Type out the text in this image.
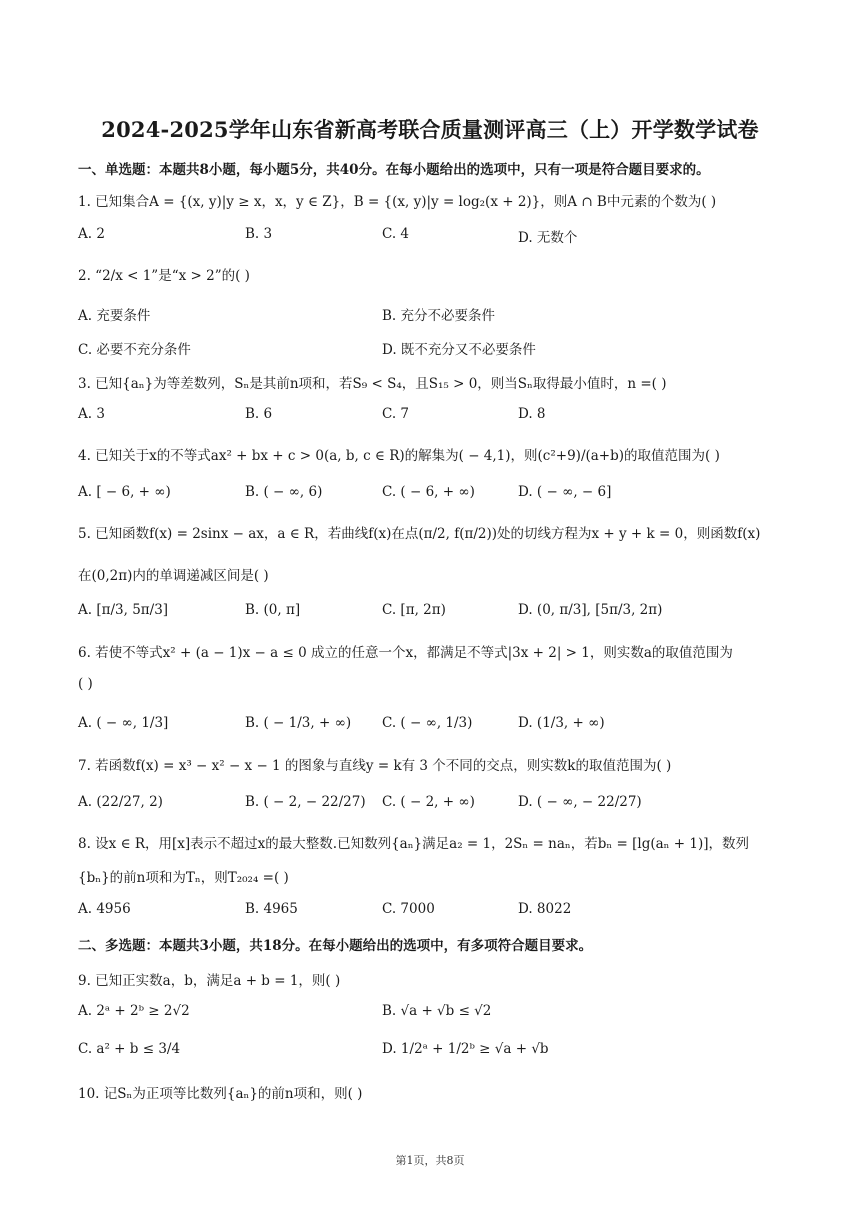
2024-2025学年山东省新高考联合质量测评高三（上）开学数学试卷
一、单选题：本题共8小题，每小题5分，共40分。在每小题给出的选项中，只有一项是符合题目要求的。
1. 已知集合A = {(x, y)|y ≥ x，x，y ∈ Z}，B = {(x, y)|y = log₂(x + 2)}，则A ∩ B中元素的个数为( )
A. 2	B. 3	C. 4	D. 无数个
2. “2/x < 1”是“x > 2”的( )
A. 充要条件	B. 充分不必要条件
C. 必要不充分条件	D. 既不充分又不必要条件
3. 已知{aₙ}为等差数列，Sₙ是其前n项和，若S₉ < S₄，且S₁₅ > 0，则当Sₙ取得最小值时，n =( )
A. 3	B. 6	C. 7	D. 8
4. 已知关于x的不等式ax² + bx + c > 0(a, b, c ∈ R)的解集为( − 4,1)，则(c²+9)/(a+b)的取值范围为( )
A. [ − 6, + ∞)	B. ( − ∞, 6)	C. ( − 6, + ∞)	D. ( − ∞, − 6]
5. 已知函数f(x) = 2sinx − ax，a ∈ R，若曲线f(x)在点(π/2, f(π/2))处的切线方程为x + y + k = 0，则函数f(x)
在(0,2π)内的单调递减区间是( )
A. [π/3, 5π/3]	B. (0, π]	C. [π, 2π)	D. (0, π/3], [5π/3, 2π)
6. 若使不等式x² + (a − 1)x − a ≤ 0 成立的任意一个x，都满足不等式|3x + 2| > 1，则实数a的取值范围为
( )
A. ( − ∞, 1/3]	B. ( − 1/3, + ∞) C. ( − ∞, 1/3)	D. (1/3, + ∞)
7. 若函数f(x) = x³ − x² − x − 1 的图象与直线y = k有 3 个不同的交点，则实数k的取值范围为( )
A. (22/27, 2)	B. ( − 2, − 22/27) C. ( − 2, + ∞)	D. ( − ∞, − 22/27)
8. 设x ∈ R，用[x]表示不超过x的最大整数.已知数列{aₙ}满足a₂ = 1，2Sₙ = naₙ，若bₙ = [lg(aₙ + 1)]，数列
{bₙ}的前n项和为Tₙ，则T₂₀₂₄ =( )
A. 4956	B. 4965	C. 7000	D. 8022
二、多选题：本题共3小题，共18分。在每小题给出的选项中，有多项符合题目要求。
9. 已知正实数a，b，满足a + b = 1，则( )
A. 2ᵃ + 2ᵇ ≥ 2√2	B. √a + √b ≤ √2
C. a² + b ≤ 3/4	D. 1/2ᵃ + 1/2ᵇ ≥ √a + √b
10. 记Sₙ为正项等比数列{aₙ}的前n项和，则( )
第1页，共8页
